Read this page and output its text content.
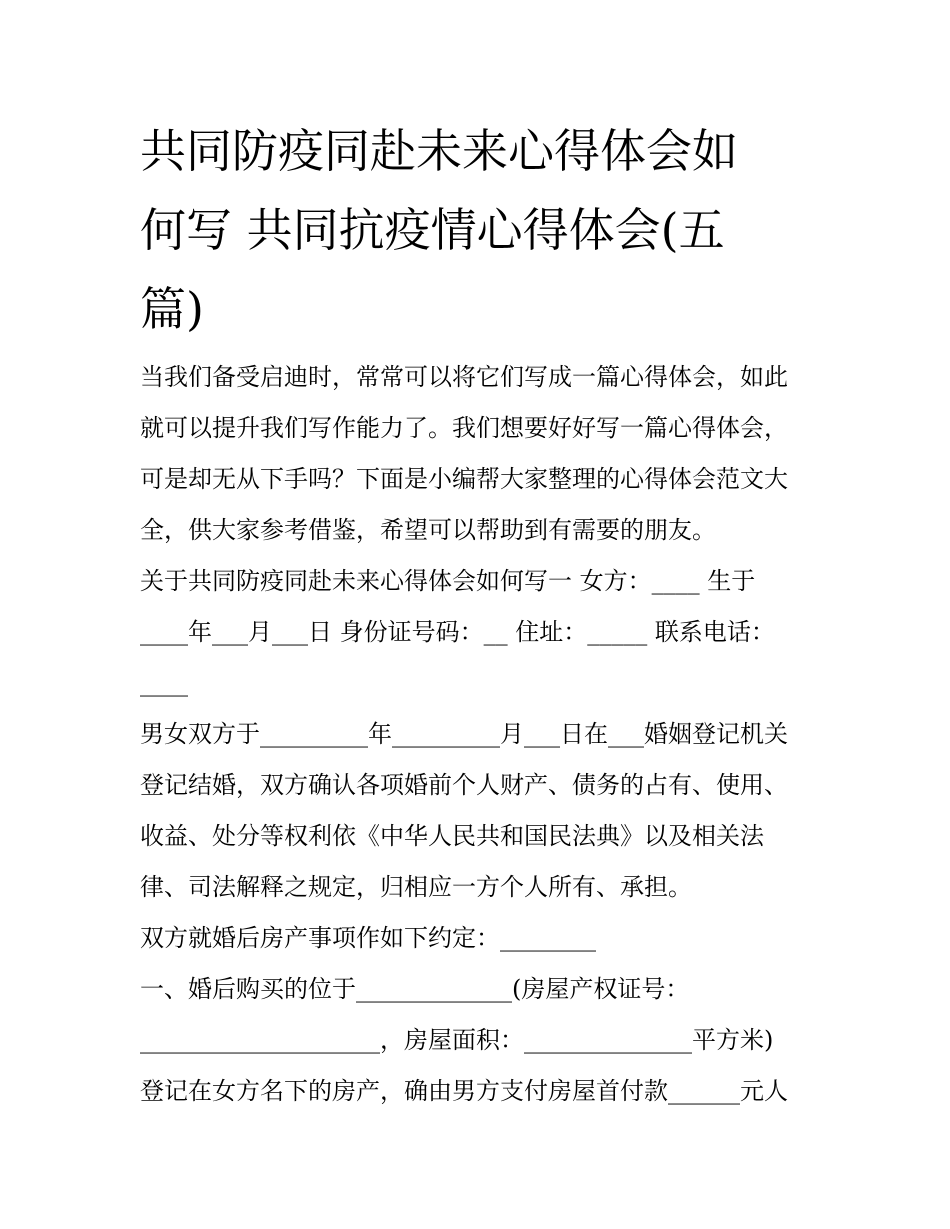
共同防疫同赴未来心得体会如
何写 共同抗疫情心得体会(五
篇)
当我们备受启迪时，常常可以将它们写成一篇心得体会，如此
就可以提升我们写作能力了。我们想要好好写一篇心得体会，
可是却无从下手吗？下面是小编帮大家整理的心得体会范文大
全，供大家参考借鉴，希望可以帮助到有需要的朋友。
关于共同防疫同赴未来心得体会如何写一 女方：____ 生于
____年___月___日 身份证号码：__ 住址：_____ 联系电话：
____
男女双方于_________年_________月___日在___婚姻登记机关
登记结婚，双方确认各项婚前个人财产、债务的占有、使用、
收益、处分等权利依《中华人民共和国民法典》以及相关法
律、司法解释之规定，归相应一方个人所有、承担。
双方就婚后房产事项作如下约定：________
一、婚后购买的位于_____________(房屋产权证号：
____________________，房屋面积：______________平方米)
登记在女方名下的房产，确由男方支付房屋首付款______元人
